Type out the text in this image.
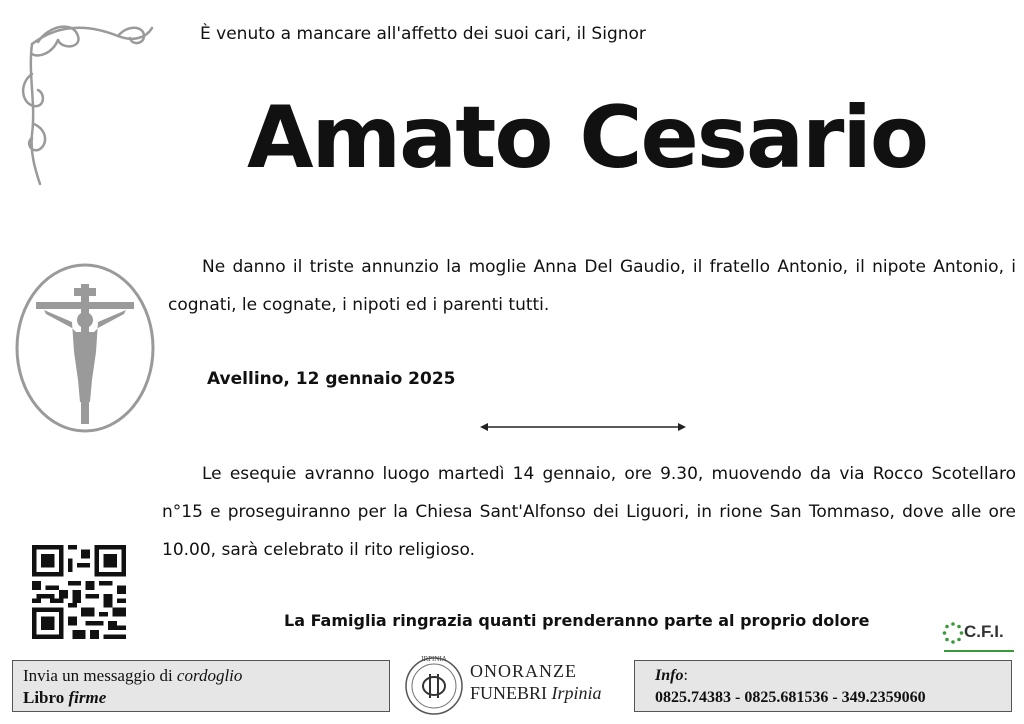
È venuto a mancare all'affetto dei suoi cari, il Signor
Amato Cesario
Ne danno il triste annunzio la moglie Anna Del Gaudio, il fratello Antonio, il nipote Antonio, i cognati, le cognate, i nipoti ed i parenti tutti.
Avellino, 12 gennaio 2025
Le esequie avranno luogo martedì 14 gennaio, ore 9.30, muovendo da via Rocco Scotellaro n°15 e proseguiranno per la Chiesa Sant'Alfonso dei Liguori, in rione San Tommaso, dove alle ore 10.00, sarà celebrato il rito religioso.
La Famiglia ringrazia quanti prenderanno parte al proprio dolore
C.F.I.
Invia un messaggio di cordoglio
Libro firme
IRPINIA
ONORANZE
FUNEBRI Irpinia
Info:
0825.74383 - 0825.681536 - 349.2359060
